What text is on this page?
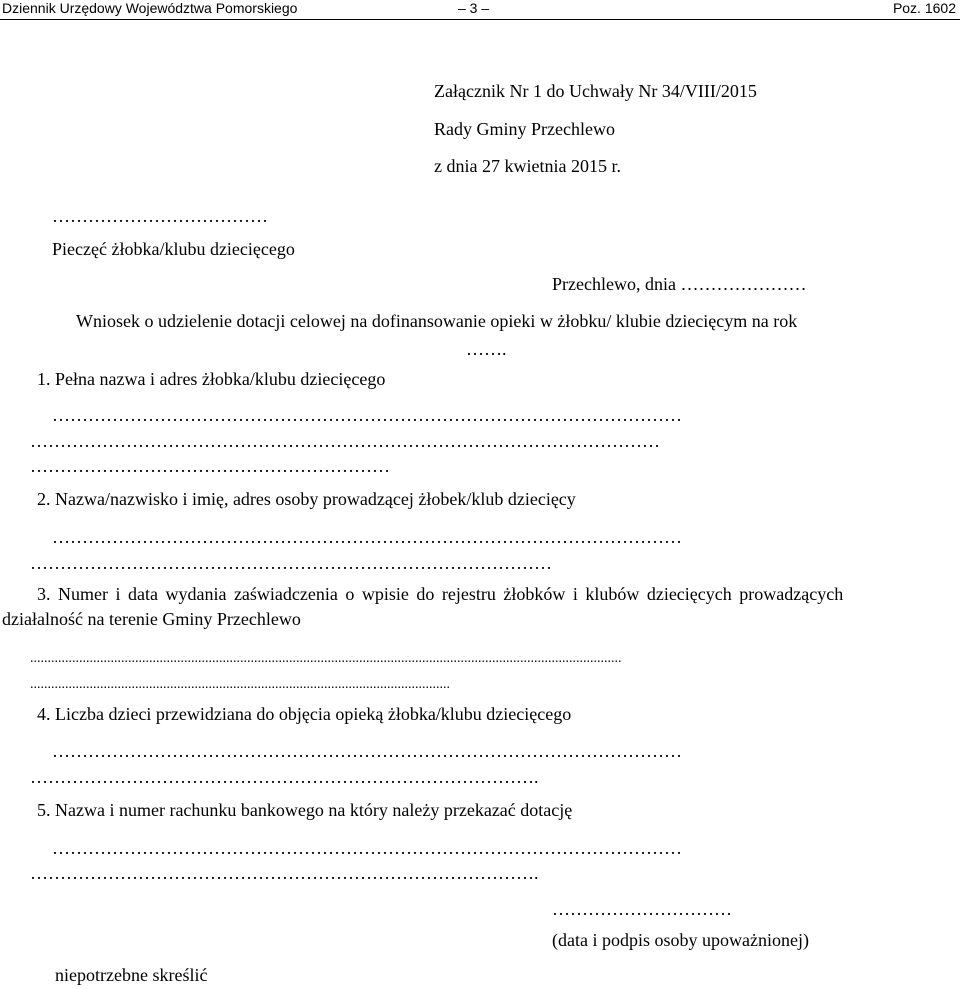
Dziennik Urzędowy Województwa Pomorskiego	– 3 –	Poz. 1602
Załącznik Nr 1 do Uchwały Nr 34/VIII/2015
Rady Gminy Przechlewo
z dnia 27 kwietnia 2015 r.
………………………………
Pieczęć żłobka/klubu dziecięcego
Przechlewo, dnia …………………
Wniosek o udzielenie dotacji celowej na dofinansowanie opieki w żłobku/ klubie dziecięcym na rok
…….
1. Pełna nazwa i adres żłobka/klubu dziecięcego
……………………………………………………………………………………………
……………………………………………………………………………………………
……………………………………………………
2. Nazwa/nazwisko i imię, adres osoby prowadzącej żłobek/klub dziecięcy
……………………………………………………………………………………………
……………………………………………………………………………
3. Numer i data wydania zaświadczenia o wpisie do rejestru żłobków i klubów dziecięcych prowadzących
działalność na terenie Gminy Przechlewo
.........................................................................................................................................................................
........................................................................................................................
4. Liczba dzieci przewidziana do objęcia opieką żłobka/klubu dziecięcego
……………………………………………………………………………………………
………………………………………………………………………….
5. Nazwa i numer rachunku bankowego na który należy przekazać dotację
……………………………………………………………………………………………
………………………………………………………………………….
…………………………
(data i podpis osoby upoważnionej)
niepotrzebne skreślić
